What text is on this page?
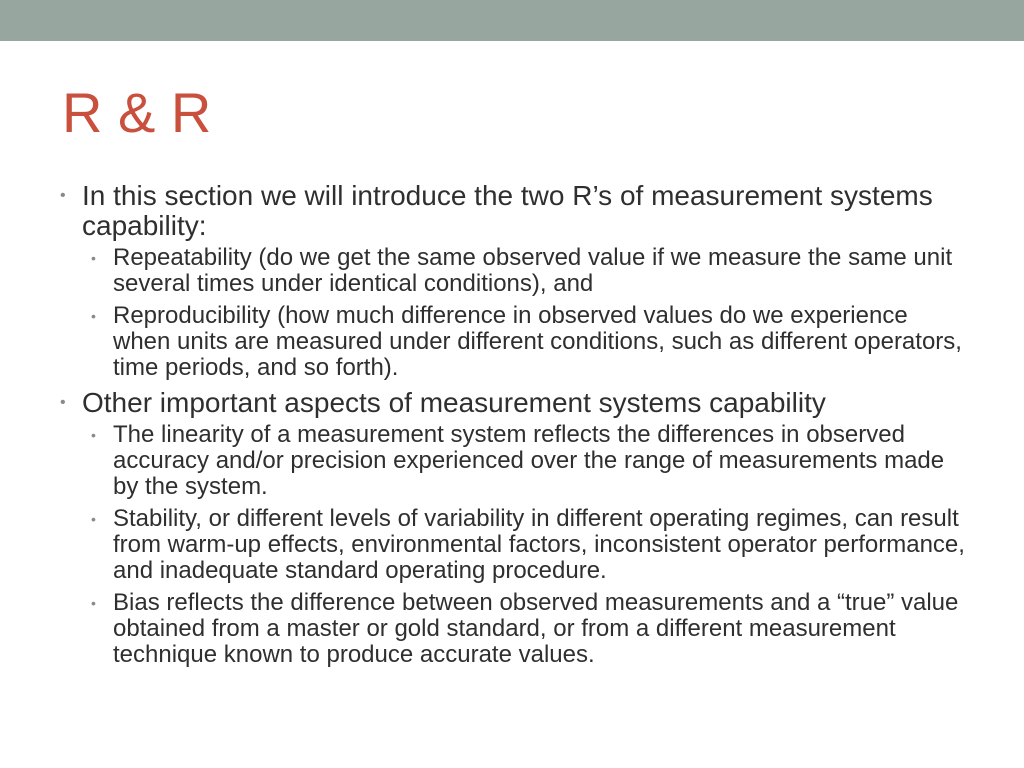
R & R
• In this section we will introduce the two R’s of measurement systems capability:
• Repeatability (do we get the same observed value if we measure the same unit several times under identical conditions), and
• Reproducibility (how much difference in observed values do we experience when units are measured under different conditions, such as different operators, time periods, and so forth).
• Other important aspects of measurement systems capability
• The linearity of a measurement system reflects the differences in observed accuracy and/or precision experienced over the range of measurements made by the system.
• Stability, or different levels of variability in different operating regimes, can result from warm-up effects, environmental factors, inconsistent operator performance, and inadequate standard operating procedure.
• Bias reflects the difference between observed measurements and a “true” value obtained from a master or gold standard, or from a different measurement technique known to produce accurate values.
